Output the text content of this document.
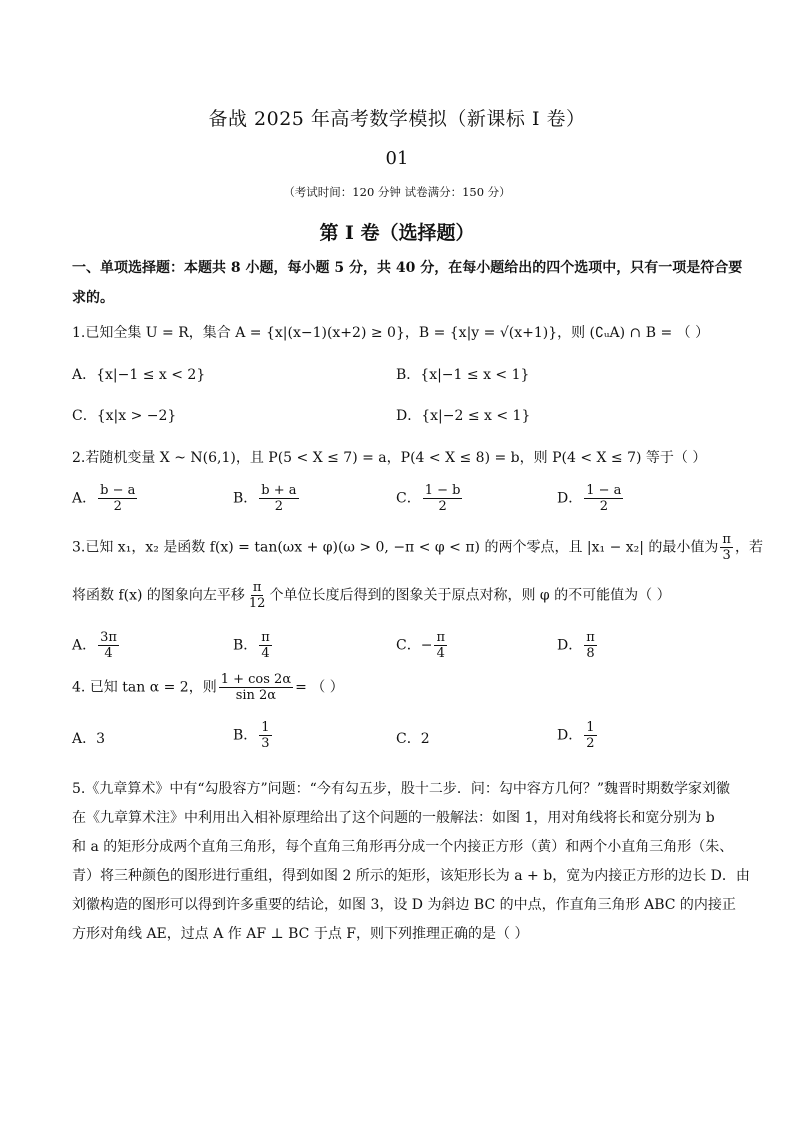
备战 2025 年高考数学模拟（新课标 I 卷）
01
（考试时间：120 分钟 试卷满分：150 分）
第 I 卷（选择题）
一、单项选择题：本题共 8 小题，每小题 5 分，共 40 分，在每小题给出的四个选项中，只有一项是符合要
求的。
1.已知全集 U = R，集合 A = {x|(x−1)(x+2) ≥ 0}，B = {x|y = √(x+1)}，则 (∁ᵤA) ∩ B = （ ）
A．{x|−1 ≤ x < 2}	B．{x|−1 ≤ x < 1}
C．{x|x > −2}	D．{x|−2 ≤ x < 1}
2.若随机变量 X ~ N(6,1)，且 P(5 < X ≤ 7) = a，P(4 < X ≤ 8) = b，则 P(4 < X ≤ 7) 等于（ ）
A． $\frac{b - a}{2}$	B． $\frac{b + a}{2}$	C． $\frac{1 - b}{2}$	D． $\frac{1 - a}{2}$
3.已知 x₁，x₂ 是函数 f(x) = tan(ωx + φ)(ω > 0, −π < φ < π) 的两个零点，且 |x₁ − x₂| 的最小值为 $\frac{\pi}{3}$ ，若
将函数 f(x) 的图象向左平移 $\frac{\pi}{12}$ 个单位长度后得到的图象关于原点对称，则 φ 的不可能值为（ ）
A． $\frac{3\pi}{4}$	B． $\frac{\pi}{4}$	C．− $\frac{\pi}{4}$	D． $\frac{\pi}{8}$
4. 已知 tan α = 2，则 $\frac{1 + \cos 2\alpha}{\sin 2\alpha}$ = （ ）
A．3	B． $\frac{1}{3}$	C．2	D． $\frac{1}{2}$
5.《九章算术》中有“勾股容方”问题：“今有勾五步，股十二步．问：勾中容方几何？”魏晋时期数学家刘徽
在《九章算术注》中利用出入相补原理给出了这个问题的一般解法：如图 1，用对角线将长和宽分别为 b
和 a 的矩形分成两个直角三角形，每个直角三角形再分成一个内接正方形（黄）和两个小直角三角形（朱、
青）将三种颜色的图形进行重组，得到如图 2 所示的矩形，该矩形长为 a + b，宽为内接正方形的边长 D．由
刘徽构造的图形可以得到许多重要的结论，如图 3，设 D 为斜边 BC 的中点，作直角三角形 ABC 的内接正
方形对角线 AE，过点 A 作 AF ⊥ BC 于点 F，则下列推理正确的是（ ）
